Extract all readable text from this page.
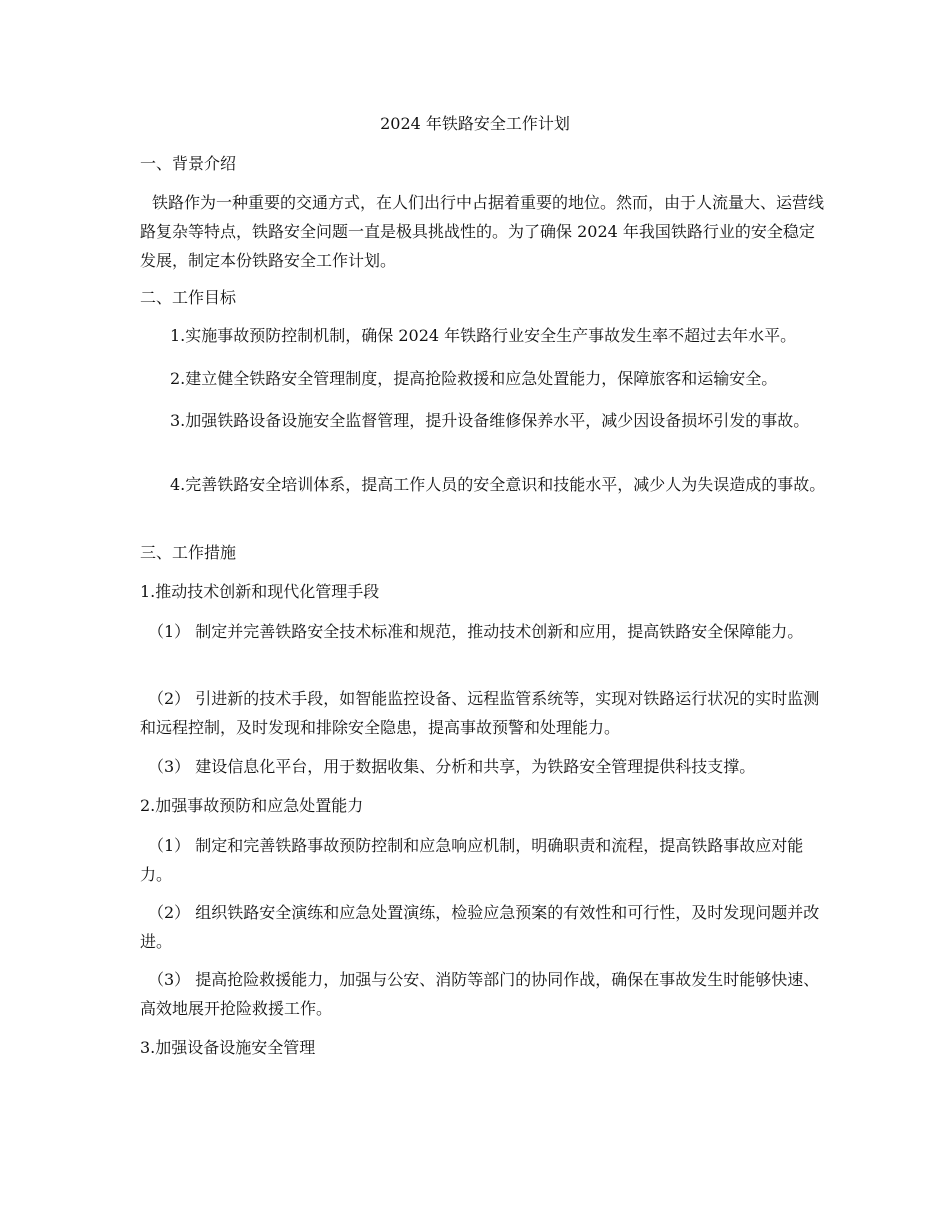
2024 年铁路安全工作计划
一、背景介绍
铁路作为一种重要的交通方式，在人们出行中占据着重要的地位。然而，由于人流量大、运营线路复杂等特点，铁路安全问题一直是极具挑战性的。为了确保 2024 年我国铁路行业的安全稳定发展，制定本份铁路安全工作计划。
二、工作目标
1.实施事故预防控制机制，确保 2024 年铁路行业安全生产事故发生率不超过去年水平。
2.建立健全铁路安全管理制度，提高抢险救援和应急处置能力，保障旅客和运输安全。
3.加强铁路设备设施安全监督管理，提升设备维修保养水平，减少因设备损坏引发的事故。
4.完善铁路安全培训体系，提高工作人员的安全意识和技能水平，减少人为失误造成的事故。
三、工作措施
1.推动技术创新和现代化管理手段
（1） 制定并完善铁路安全技术标准和规范，推动技术创新和应用，提高铁路安全保障能力。
（2） 引进新的技术手段，如智能监控设备、远程监管系统等，实现对铁路运行状况的实时监测和远程控制，及时发现和排除安全隐患，提高事故预警和处理能力。
（3） 建设信息化平台，用于数据收集、分析和共享，为铁路安全管理提供科技支撑。
2.加强事故预防和应急处置能力
（1） 制定和完善铁路事故预防控制和应急响应机制，明确职责和流程，提高铁路事故应对能力。
（2） 组织铁路安全演练和应急处置演练，检验应急预案的有效性和可行性，及时发现问题并改进。
（3） 提高抢险救援能力，加强与公安、消防等部门的协同作战，确保在事故发生时能够快速、高效地展开抢险救援工作。
3.加强设备设施安全管理
